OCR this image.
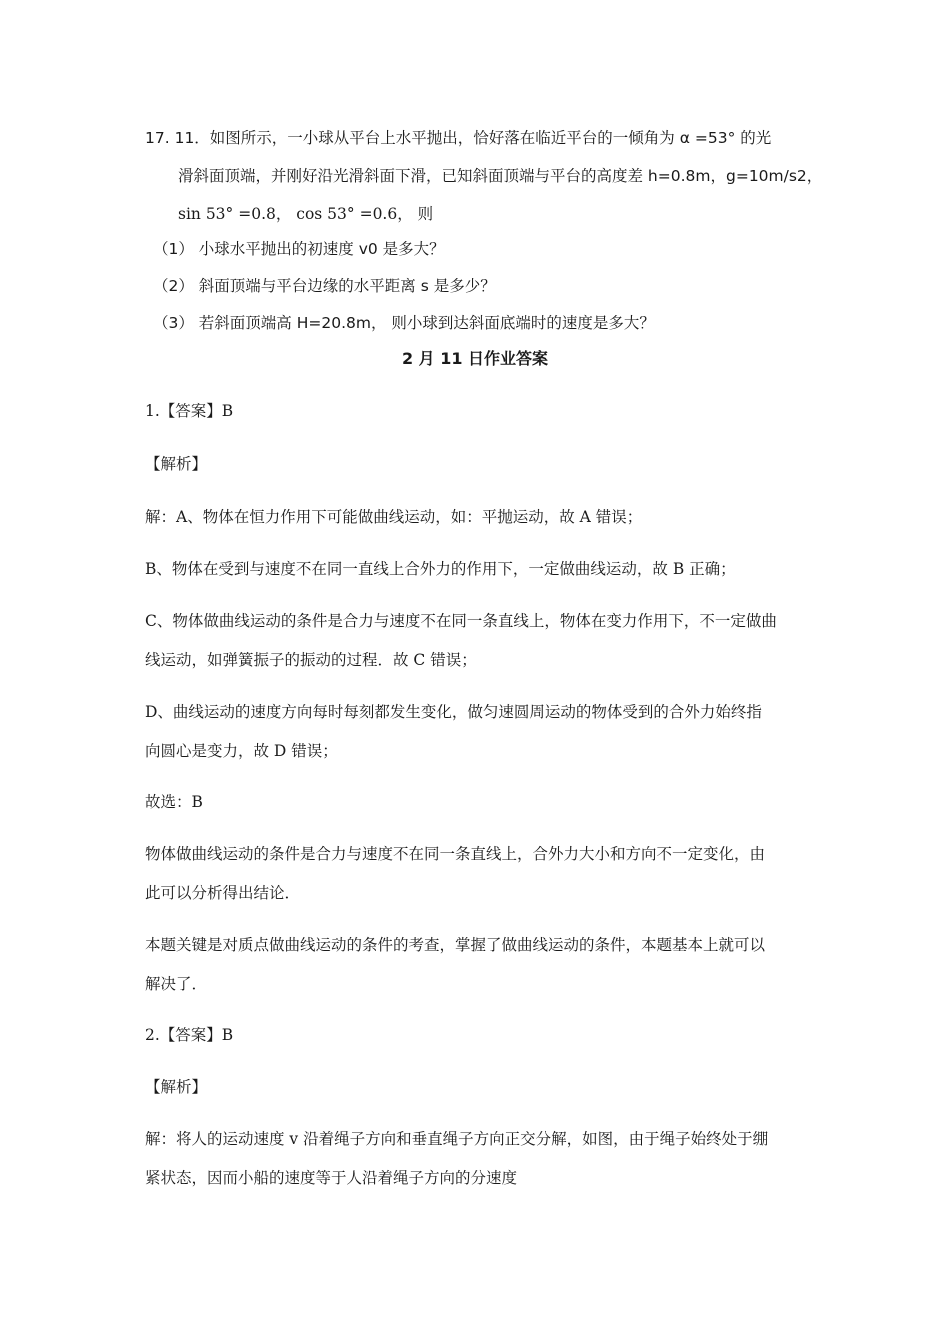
17. 11．如图所示，一小球从平台上水平抛出，恰好落在临近平台的一倾角为 α =53° 的光
滑斜面顶端，并刚好沿光滑斜面下滑，已知斜面顶端与平台的高度差 h=0.8m，g=10m/s2，
sin 53° =0.8， cos 53° =0.6， 则
（1） 小球水平抛出的初速度 v0 是多大？
（2） 斜面顶端与平台边缘的水平距离 s 是多少？
（3） 若斜面顶端高 H=20.8m， 则小球到达斜面底端时的速度是多大？
2 月 11 日作业答案
1.【答案】B
【解析】
解：A、物体在恒力作用下可能做曲线运动，如：平抛运动，故 A 错误；
B、物体在受到与速度不在同一直线上合外力的作用下，一定做曲线运动，故 B 正确；
C、物体做曲线运动的条件是合力与速度不在同一条直线上，物体在变力作用下，不一定做曲
线运动，如弹簧振子的振动的过程．故 C 错误；
D、曲线运动的速度方向每时每刻都发生变化，做匀速圆周运动的物体受到的合外力始终指
向圆心是变力，故 D 错误；
故选：B
物体做曲线运动的条件是合力与速度不在同一条直线上，合外力大小和方向不一定变化，由
此可以分析得出结论．
本题关键是对质点做曲线运动的条件的考查，掌握了做曲线运动的条件，本题基本上就可以
解决了．
2.【答案】B
【解析】
解：将人的运动速度 v 沿着绳子方向和垂直绳子方向正交分解，如图，由于绳子始终处于绷
紧状态，因而小船的速度等于人沿着绳子方向的分速度
